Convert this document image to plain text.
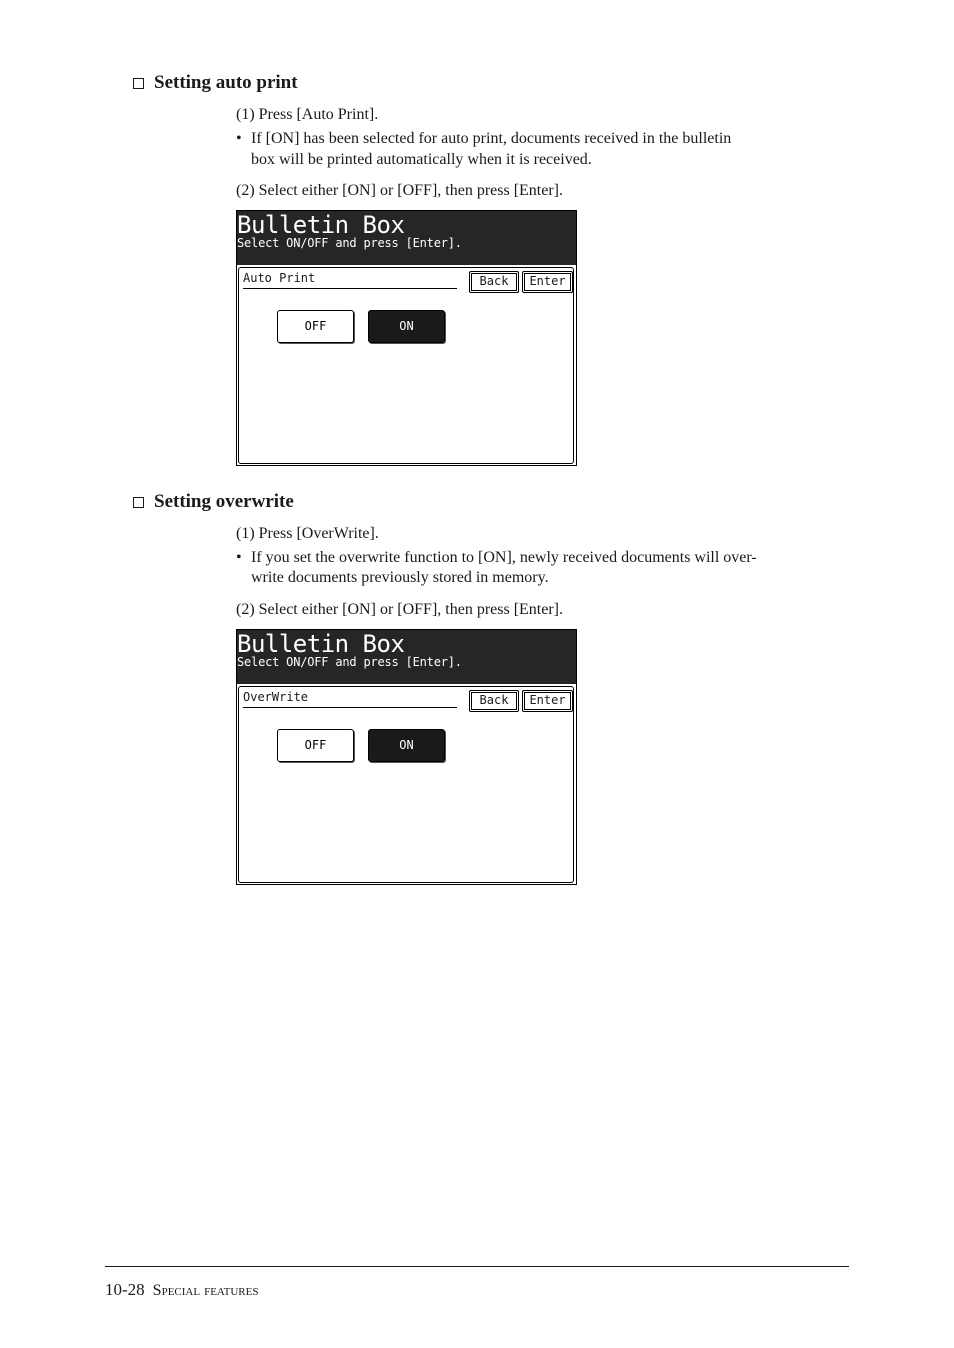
Setting auto print
(1) Press [Auto Print].
• If [ON] has been selected for auto print, documents received in the bulletin
box will be printed automatically when it is received.
(2) Select either [ON] or [OFF], then press [Enter].
Bulletin Box
Select ON/OFF and press [Enter].
Auto Print	Back	Enter
OFF	ON
Setting overwrite
(1) Press [OverWrite].
• If you set the overwrite function to [ON], newly received documents will over-
write documents previously stored in memory.
(2) Select either [ON] or [OFF], then press [Enter].
Bulletin Box
Select ON/OFF and press [Enter].
OverWrite	Back	Enter
OFF	ON
10-28 Special features
